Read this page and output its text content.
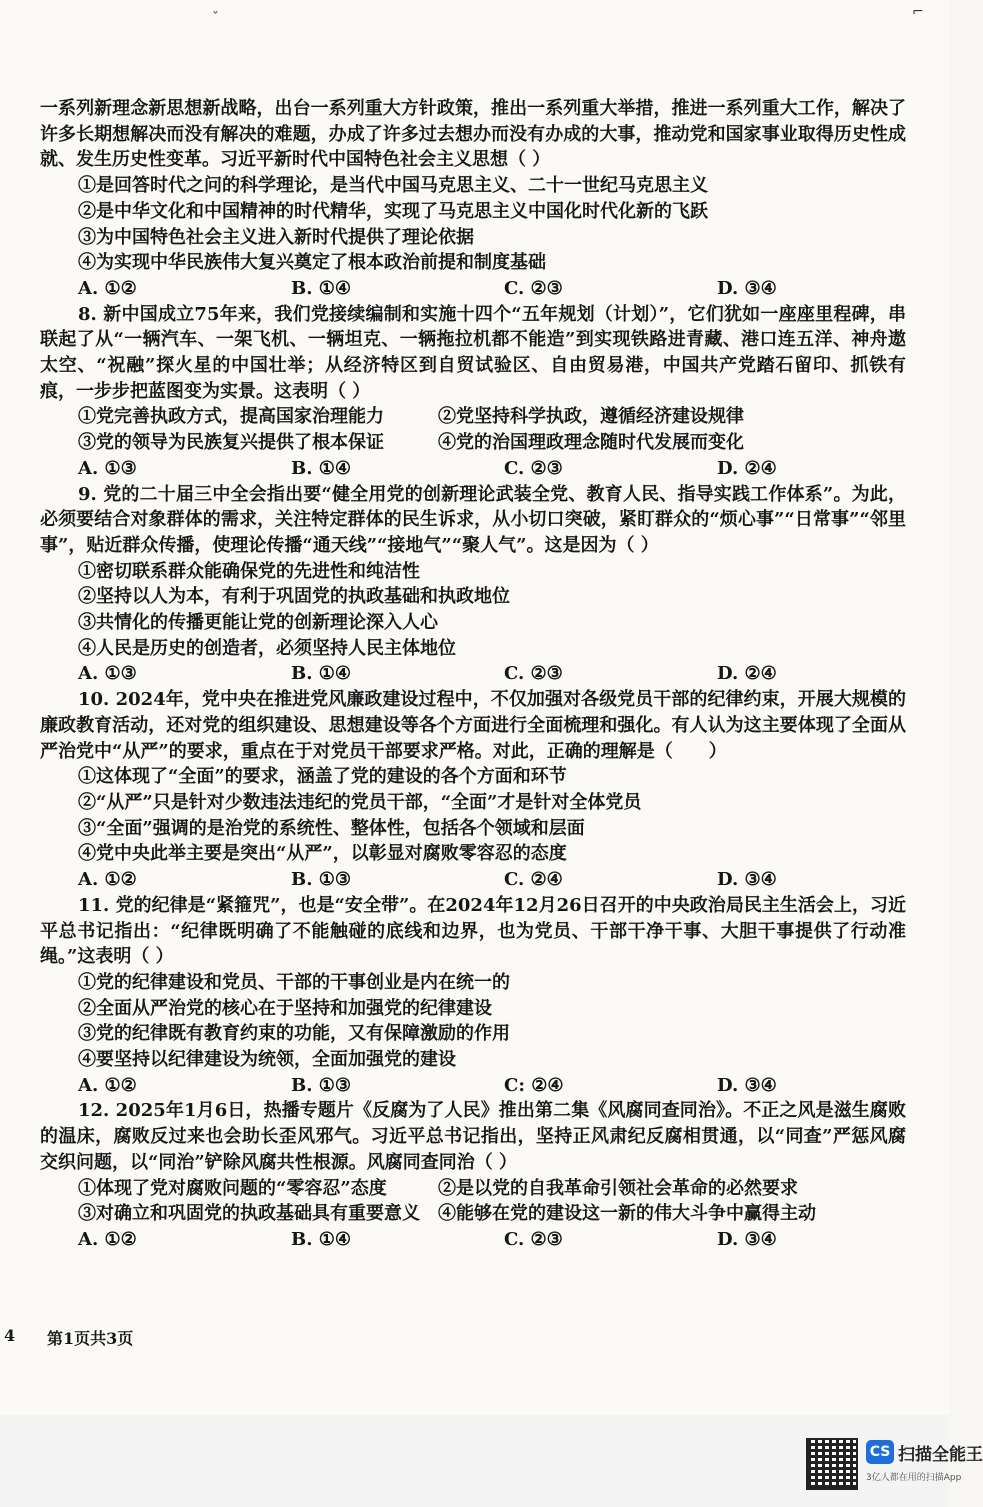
ˇ	⌐

一系列新理念新思想新战略，出台一系列重大方针政策，推出一系列重大举措，推进一系列重大工作，解决了许多长期想解决而没有解决的难题，办成了许多过去想办而没有办成的大事，推动党和国家事业取得历史性成就、发生历史性变革。习近平新时代中国特色社会主义思想（ ）

①是回答时代之问的科学理论，是当代中国马克思主义、二十一世纪马克思主义

②是中华文化和中国精神的时代精华，实现了马克思主义中国化时代化新的飞跃

③为中国特色社会主义进入新时代提供了理论依据

④为实现中华民族伟大复兴奠定了根本政治前提和制度基础

A. ①②	B. ①④	C. ②③	D. ③④

8. 新中国成立75年来，我们党接续编制和实施十四个“五年规划（计划）”，它们犹如一座座里程碑，串联起了从“一辆汽车、一架飞机、一辆坦克、一辆拖拉机都不能造”到实现铁路进青藏、港口连五洋、神舟遨太空、“祝融”探火星的中国壮举；从经济特区到自贸试验区、自由贸易港，中国共产党踏石留印、抓铁有痕，一步步把蓝图变为实景。这表明（ ）

①党完善执政方式，提高国家治理能力	②党坚持科学执政，遵循经济建设规律
③党的领导为民族复兴提供了根本保证	④党的治国理政理念随时代发展而变化
A. ①③	B. ①④	C. ②③	D. ②④

9. 党的二十届三中全会指出要“健全用党的创新理论武装全党、教育人民、指导实践工作体系”。为此，必须要结合对象群体的需求，关注特定群体的民生诉求，从小切口突破，紧盯群众的“烦心事”“日常事”“邻里事”，贴近群众传播，使理论传播“通天线”“接地气”“聚人气”。这是因为（ ）

①密切联系群众能确保党的先进性和纯洁性

②坚持以人为本，有利于巩固党的执政基础和执政地位

③共情化的传播更能让党的创新理论深入人心

④人民是历史的创造者，必须坚持人民主体地位

A. ①③	B. ①④	C. ②③	D. ②④

10. 2024年，党中央在推进党风廉政建设过程中，不仅加强对各级党员干部的纪律约束，开展大规模的廉政教育活动，还对党的组织建设、思想建设等各个方面进行全面梳理和强化。有人认为这主要体现了全面从严治党中“从严”的要求，重点在于对党员干部要求严格。对此，正确的理解是（　　）

①这体现了“全面”的要求，涵盖了党的建设的各个方面和环节

②“从严”只是针对少数违法违纪的党员干部，“全面”才是针对全体党员

③“全面”强调的是治党的系统性、整体性，包括各个领域和层面

④党中央此举主要是突出“从严”，以彰显对腐败零容忍的态度

A. ①②	B. ①③	C. ②④	D. ③④

11. 党的纪律是“紧箍咒”，也是“安全带”。在2024年12月26日召开的中央政治局民主生活会上，习近平总书记指出：“纪律既明确了不能触碰的底线和边界，也为党员、干部干净干事、大胆干事提供了行动准绳。”这表明（ ）

①党的纪律建设和党员、干部的干事创业是内在统一的

②全面从严治党的核心在于坚持和加强党的纪律建设

③党的纪律既有教育约束的功能，又有保障激励的作用

④要坚持以纪律建设为统领，全面加强党的建设

A. ①②	B. ①③	C: ②④	D. ③④

12. 2025年1月6日，热播专题片《反腐为了人民》推出第二集《风腐同查同治》。不正之风是滋生腐败的温床，腐败反过来也会助长歪风邪气。习近平总书记指出，坚持正风肃纪反腐相贯通，以“同查”严惩风腐交织问题，以“同治”铲除风腐共性根源。风腐同查同治（ ）

①体现了党对腐败问题的“零容忍”态度	②是以党的自我革命引领社会革命的必然要求
③对确立和巩固党的执政基础具有重要意义	④能够在党的建设这一新的伟大斗争中赢得主动
A. ①②	B. ①④	C. ②③	D. ③④
4 第1页共3页
CS 扫描全能王
3亿人都在用的扫描App
